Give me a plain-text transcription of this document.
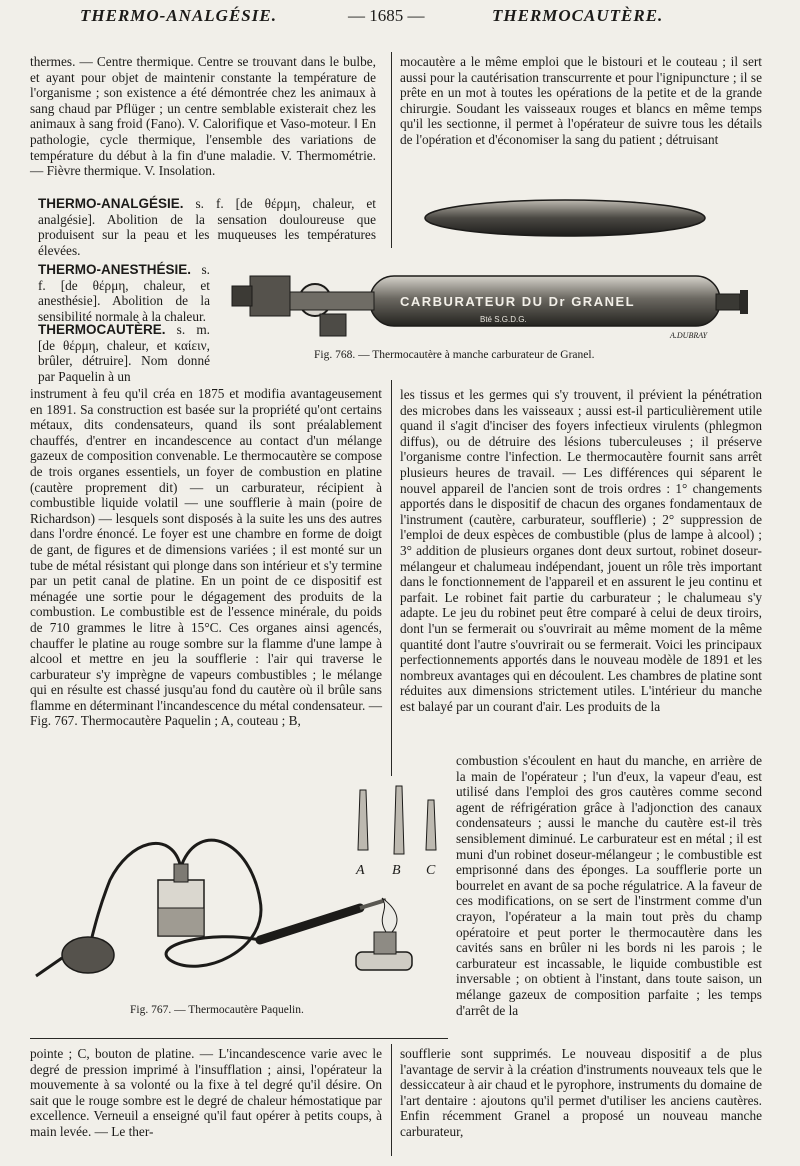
THERMO-ANALGÉSIE.	— 1685 —	THERMOCAUTÈRE.

thermes. — Centre thermique. Centre se trouvant dans le bulbe, et ayant pour objet de maintenir constante la température de l'organisme ; son existence a été démontrée chez les animaux à sang chaud par Pflüger ; un centre semblable existerait chez les animaux à sang froid (Fano). V. Calorifique et Vaso-moteur. ‖ En pathologie, cycle thermique, l'ensemble des variations de température du début à la fin d'une maladie. V. Thermométrie. — Fièvre thermique. V. Insolation.

THERMO-ANALGÉSIE. s. f. [de θέρμη, chaleur, et analgésie]. Abolition de la sensation douloureuse que produisent sur la peau et les muqueuses les températures élevées.
THERMO-ANESTHÉSIE. s. f. [de θέρμη, chaleur, et anesthésie]. Abolition de la sensibilité normale à la chaleur.
THERMOCAUTÈRE. s. m. [de θέρμη, chaleur, et καίειν, brûler, détruire]. Nom donné par Paquelin à un

instrument à feu qu'il créa en 1875 et modifia avantageusement en 1891. Sa construction est basée sur la propriété qu'ont certains métaux, dits condensateurs, quand ils sont préalablement chauffés, d'entrer en incandescence au contact d'un mélange gazeux de composition convenable. Le thermocautère se compose de trois organes essentiels, un foyer de combustion en platine (cautère proprement dit) — un carburateur, récipient à combustible liquide volatil — une soufflerie à main (poire de Richardson) — lesquels sont disposés à la suite les uns des autres dans l'ordre énoncé. Le foyer est une chambre en forme de doigt de gant, de figures et de dimensions variées ; il est monté sur un tube de métal résistant qui plonge dans son intérieur et s'y termine par un petit canal de platine. En un point de ce dispositif est ménagée une sortie pour le dégagement des produits de la combustion. Le combustible est de l'essence minérale, du poids de 710 grammes le litre à 15°C. Ces organes ainsi agencés, chauffer le platine au rouge sombre sur la flamme d'une lampe à alcool et mettre en jeu la soufflerie : l'air qui traverse le carburateur s'y imprègne de vapeurs combustibles ; le mélange qui en résulte est chassé jusqu'au fond du cautère où il brûle sans flamme en déterminant l'incandescence du métal condensateur. — Fig. 767. Thermocautère Paquelin ; A, couteau ; B,

mocautère a le même emploi que le bistouri et le couteau ; il sert aussi pour la cautérisation transcurrente et pour l'ignipuncture ; il se prête en un mot à toutes les opérations de la petite et de la grande chirurgie. Soudant les vaisseaux rouges et blancs en même temps qu'il les sectionne, il permet à l'opérateur de suivre tous les détails de l'opération et d'économiser la sang du patient ; détruisant

CARBURATEUR DU Dr GRANEL
Bté S.G.D.G.
A.DUBRAY
Fig. 768. — Thermocautère à manche carburateur de Granel.

les tissus et les germes qui s'y trouvent, il prévient la pénétration des microbes dans les vaisseaux ; aussi est-il particulièrement utile quand il s'agit d'inciser des foyers infectieux virulents (phlegmon diffus), ou de détruire des lésions tuberculeuses ; il préserve l'organisme contre l'infection. Le thermocautère fournit sans arrêt plusieurs heures de travail. — Les différences qui séparent le nouvel appareil de l'ancien sont de trois ordres : 1° changements apportés dans le dispositif de chacun des organes fondamentaux de l'instrument (cautère, carburateur, soufflerie) ; 2° suppression de l'emploi de deux espèces de combustible (plus de lampe à alcool) ; 3° addition de plusieurs organes dont deux surtout, robinet doseur-mélangeur et chalumeau indépendant, jouent un rôle très important dans le fonctionnement de l'appareil et en assurent le jeu continu et parfait. Le robinet fait partie du carburateur ; le chalumeau s'y adapte. Le jeu du robinet peut être comparé à celui de deux tiroirs, dont l'un se fermerait ou s'ouvrirait au même moment de la même quantité dont l'autre s'ouvrirait ou se fermerait. Voici les principaux perfectionnements apportés dans le nouveau modèle de 1891 et les nombreux avantages qui en découlent. Les chambres de platine sont réduites aux dimensions strictement utiles. L'intérieur du manche est balayé par un courant d'air. Les produits de la

A B C
Fig. 767. — Thermocautère Paquelin.

combustion s'écoulent en haut du manche, en arrière de la main de l'opérateur ; l'un d'eux, la vapeur d'eau, est utilisé dans l'emploi des gros cautères comme second agent de réfrigération grâce à l'adjonction des canaux condensateurs ; aussi le manche du cautère est-il très sensiblement diminué. Le carburateur est en métal ; il est muni d'un robinet doseur-mélangeur ; le combustible est emprisonné dans des éponges. La soufflerie porte un bourrelet en avant de sa poche régulatrice. A la faveur de ces modifications, on se sert de l'instrment comme d'un crayon, l'opérateur a la main tout près du champ opératoire et peut porter le thermocautère dans les cavités sans en brûler ni les bords ni les parois ; le carburateur est incassable, le liquide combustible est inversable ; on obtient à l'instant, dans toute saison, un mélange gazeux de composition parfaite ; les temps d'arrêt de la

pointe ; C, bouton de platine. — L'incandescence varie avec le degré de pression imprimé à l'insufflation ; ainsi, l'opérateur la mouvemente à sa volonté ou la fixe à tel degré qu'il désire. On sait que le rouge sombre est le degré de chaleur hémostatique par excellence. Verneuil a enseigné qu'il faut opérer à petits coups, à main levée. — Le ther-

soufflerie sont supprimés. Le nouveau dispositif a de plus l'avantage de servir à la création d'instruments nouveaux tels que le dessiccateur à air chaud et le pyrophore, instruments du domaine de l'art dentaire : ajoutons qu'il permet d'utiliser les anciens cautères. Enfin récemment Granel a proposé un nouveau manche carburateur,
